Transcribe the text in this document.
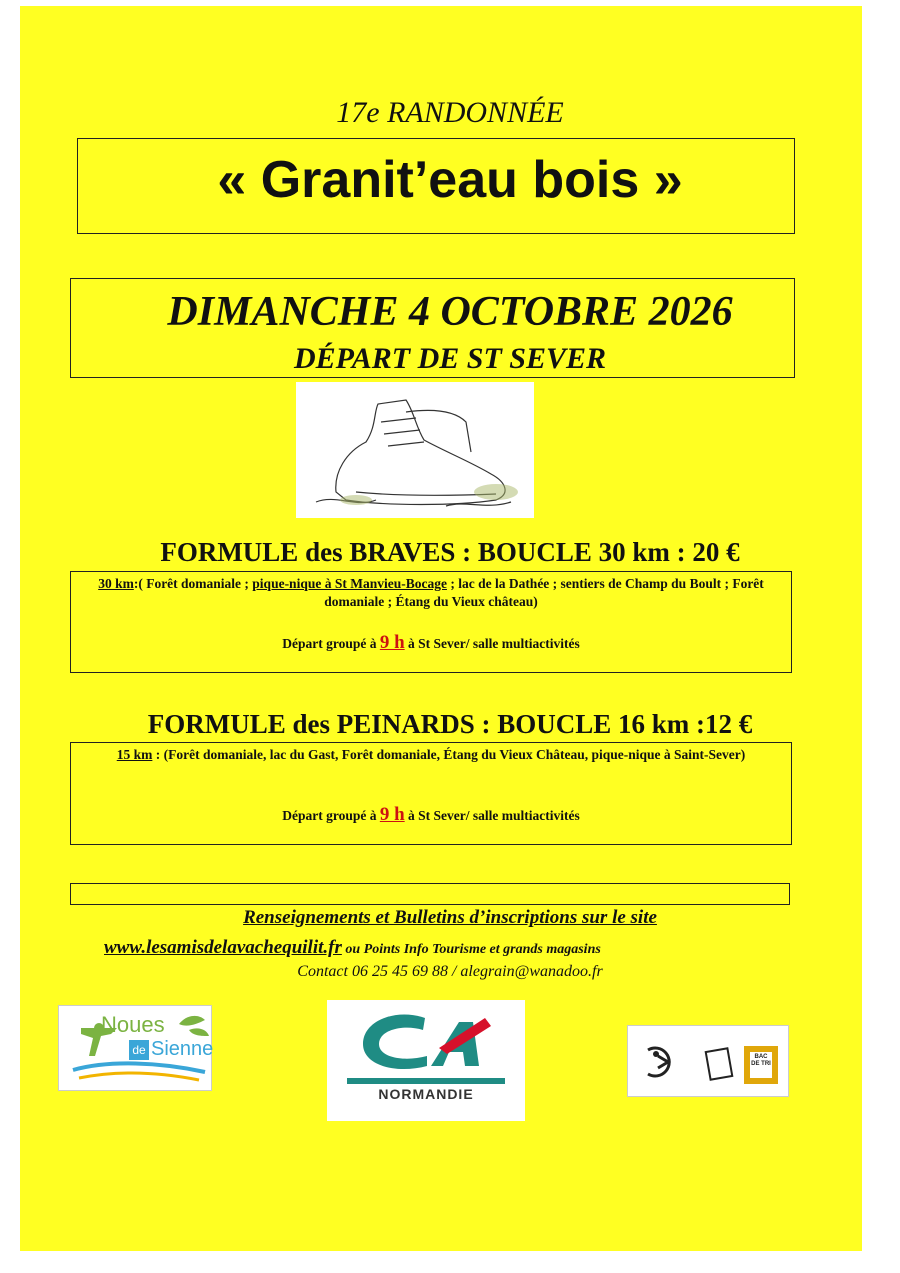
17e RANDONNÉE
« Granit’eau bois »
DIMANCHE 4 OCTOBRE 2026
DÉPART DE ST SEVER
FORMULE des BRAVES : BOUCLE 30 km : 20 €
30 km:( Forêt domaniale ; pique-nique à St Manvieu-Bocage ; lac de la Dathée ; sentiers de Champ du Boult ; Forêt domaniale ; Étang du Vieux château)
Départ groupé à 9 h à St Sever/ salle multiactivités
FORMULE des PEINARDS : BOUCLE 16 km :12 €
15 km : (Forêt domaniale, lac du Gast, Forêt domaniale, Étang du Vieux Château, pique-nique à Saint-Sever)
Départ groupé à 9 h à St Sever/ salle multiactivités
Renseignements et Bulletins d’inscriptions sur le site
www.lesamisdelavachequilit.fr ou Points Info Tourisme et grands magasins
Contact 06 25 45 69 88 / alegrain@wanadoo.fr
Noues
de Sienne
NORMANDIE
BAC DE TRI
